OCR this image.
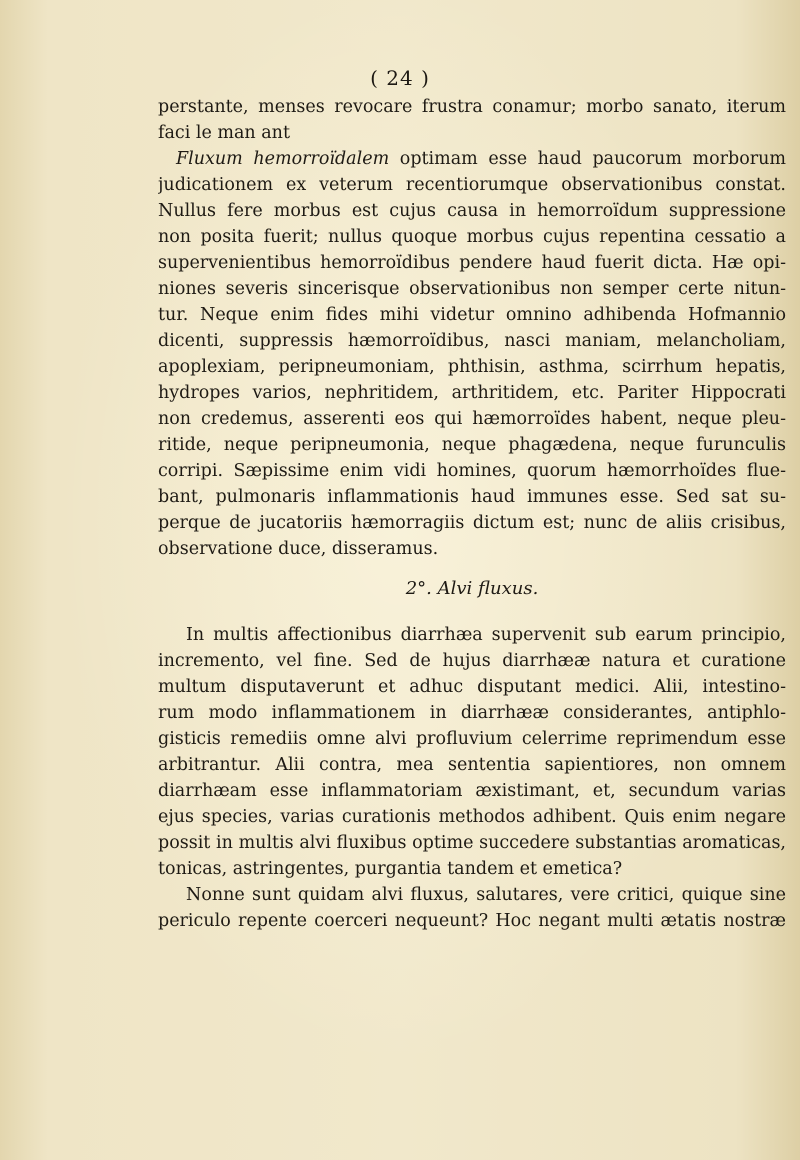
( 24 )
perstante, menses revocare frustra conamur; morbo sanato, iterum
faci le man ant
Fluxum hemorroïdalem optimam esse haud paucorum morborum
judicationem ex veterum recentiorumque observationibus constat.
Nullus fere morbus est cujus causa in hemorroïdum suppressione
non posita fuerit; nullus quoque morbus cujus repentina cessatio a
supervenientibus hemorroïdibus pendere haud fuerit dicta. Hæ opi-
niones severis sincerisque observationibus non semper certe nitun-
tur. Neque enim fides mihi videtur omnino adhibenda Hofmannio
dicenti, suppressis hæmorroïdibus, nasci maniam, melancholiam,
apoplexiam, peripneumoniam, phthisin, asthma, scirrhum hepatis,
hydropes varios, nephritidem, arthritidem, etc. Pariter Hippocrati
non credemus, asserenti eos qui hæmorroïdes habent, neque pleu-
ritide, neque peripneumonia, neque phagædena, neque furunculis
corripi. Sæpissime enim vidi homines, quorum hæmorrhoïdes flue-
bant, pulmonaris inflammationis haud immunes esse. Sed sat su-
perque de jucatoriis hæmorragiis dictum est; nunc de aliis crisibus,
observatione duce, disseramus.
2°. Alvi fluxus.
In multis affectionibus diarrhæa supervenit sub earum principio,
incremento, vel fine. Sed de hujus diarrhææ natura et curatione
multum disputaverunt et adhuc disputant medici. Alii, intestino-
rum modo inflammationem in diarrhææ considerantes, antiphlo-
gisticis remediis omne alvi profluvium celerrime reprimendum esse
arbitrantur. Alii contra, mea sententia sapientiores, non omnem
diarrhæam esse inflammatoriam æxistimant, et, secundum varias
ejus species, varias curationis methodos adhibent. Quis enim negare
possit in multis alvi fluxibus optime succedere substantias aromaticas,
tonicas, astringentes, purgantia tandem et emetica?
Nonne sunt quidam alvi fluxus, salutares, vere critici, quique sine
periculo repente coerceri nequeunt? Hoc negant multi ætatis nostræ
